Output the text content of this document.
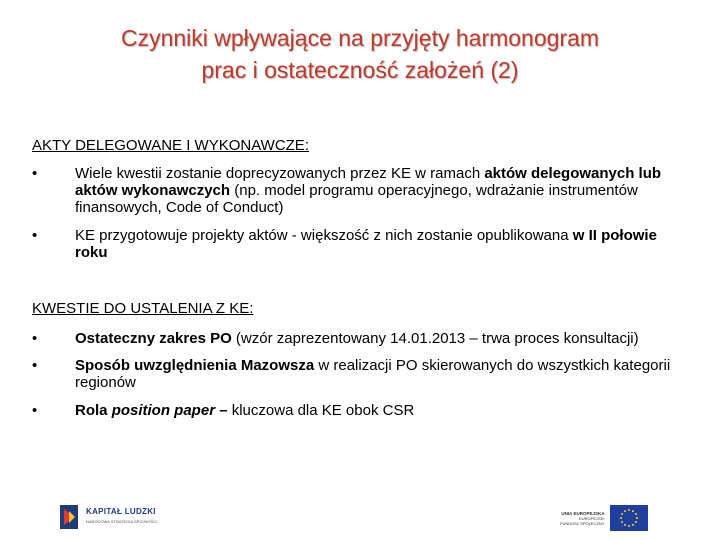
Czynniki wpływające na przyjęty harmonogram
prac i ostateczność założeń (2)
AKTY DELEGOWANE I WYKONAWCZE:
•	Wiele kwestii zostanie doprecyzowanych przez KE w ramach aktów delegowanych lub aktów wykonawczych (np. model programu operacyjnego, wdrażanie instrumentów finansowych, Code of Conduct)
•	KE przygotowuje projekty aktów - większość z nich zostanie opublikowana w II połowie roku
KWESTIE DO USTALENIA Z KE:
•	Ostateczny zakres PO (wzór zaprezentowany 14.01.2013 – trwa proces konsultacji)
•	Sposób uwzględnienia Mazowsza w realizacji PO skierowanych do wszystkich kategorii regionów
•	Rola position paper – kluczowa dla KE obok CSR
KAPITAŁ LUDZKI
NARODOWA STRATEGIA SPÓJNOŚCI
UNIA EUROPEJSKA
EUROPEJSKI
FUNDUSZ SPOŁECZNY
